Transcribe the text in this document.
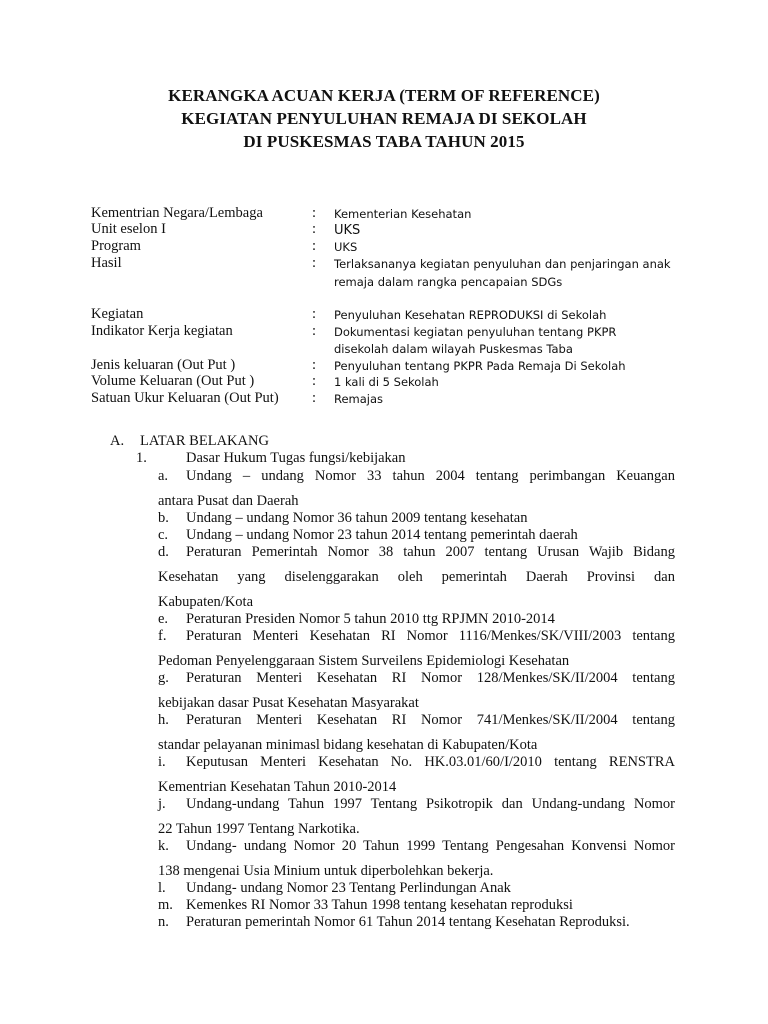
KERANGKA ACUAN KERJA (TERM OF REFERENCE)
KEGIATAN PENYULUHAN REMAJA DI SEKOLAH
DI PUSKESMAS TABA TAHUN 2015
Kementrian Negara/Lembaga	: Kementerian Kesehatan
Unit eselon I	: UKS
Program	: UKS
Hasil	: Terlaksananya kegiatan penyuluhan dan penjaringan anak
remaja dalam rangka pencapaian SDGs
Kegiatan	: Penyuluhan Kesehatan REPRODUKSI di Sekolah
Indikator Kerja kegiatan	: Dokumentasi kegiatan penyuluhan tentang PKPR
disekolah dalam wilayah Puskesmas Taba
Jenis keluaran (Out Put )	: Penyuluhan tentang PKPR Pada Remaja Di Sekolah
Volume Keluaran (Out Put )	: 1 kali di 5 Sekolah
Satuan Ukur Keluaran (Out Put) : Remajas
A. LATAR BELAKANG
1.	Dasar Hukum Tugas fungsi/kebijakan
a. Undang – undang Nomor 33 tahun 2004 tentang perimbangan Keuangan
antara Pusat dan Daerah
b. Undang – undang Nomor 36 tahun 2009 tentang kesehatan
c. Undang – undang Nomor 23 tahun 2014 tentang pemerintah daerah
d. Peraturan Pemerintah Nomor 38 tahun 2007 tentang Urusan Wajib Bidang
Kesehatan yang diselenggarakan oleh pemerintah Daerah Provinsi dan
Kabupaten/Kota
e. Peraturan Presiden Nomor 5 tahun 2010 ttg RPJMN 2010-2014
f. Peraturan Menteri Kesehatan RI Nomor 1116/Menkes/SK/VIII/2003 tentang
Pedoman Penyelenggaraan Sistem Surveilens Epidemiologi Kesehatan
g. Peraturan Menteri Kesehatan RI Nomor 128/Menkes/SK/II/2004 tentang
kebijakan dasar Pusat Kesehatan Masyarakat
h. Peraturan Menteri Kesehatan RI Nomor 741/Menkes/SK/II/2004 tentang
standar pelayanan minimasl bidang kesehatan di Kabupaten/Kota
i. Keputusan Menteri Kesehatan No. HK.03.01/60/I/2010 tentang RENSTRA
Kementrian Kesehatan Tahun 2010-2014
j. Undang-undang Tahun 1997 Tentang Psikotropik dan Undang-undang Nomor
22 Tahun 1997 Tentang Narkotika.
k. Undang- undang Nomor 20 Tahun 1999 Tentang Pengesahan Konvensi Nomor
138 mengenai Usia Minium untuk diperbolehkan bekerja.
l. Undang- undang Nomor 23 Tentang Perlindungan Anak
m. Kemenkes RI Nomor 33 Tahun 1998 tentang kesehatan reproduksi
n. Peraturan pemerintah Nomor 61 Tahun 2014 tentang Kesehatan Reproduksi.
